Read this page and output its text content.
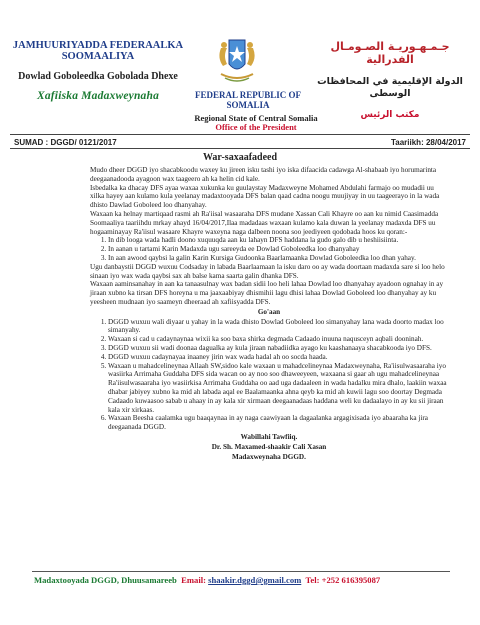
JAMHUURIYADDA FEDERAALKA SOOMAALIYA
Dowlad Goboleedka Gobolada Dhexe
Xafiiska Madaxweynaha	FEDERAL REPUBLIC OF SOMALIA
Regional State of Central Somalia
Office of the President
جـمـهـوريـة الصـومـال الفدرالية
الدولة الإقليمية في المحافظات الوسطى
مكتب الرئيس
SUMAD : DGGD/ 0121/2017	Taariikh: 28/04/2017
War-saxaafadeed

Mudo dheer DGGD iyo shacabkoodu waxey ku jireen isku tashi iyo iska difaacida cadawga Al-shabaab iyo horumarinta deegaanadooda ayagoon wax taageero ah ka helin cid kale.

Isbedalka ka dhacay DFS ayaa waxaa xukunka ku guulaystay Madaxweyne Mohamed Abdulahi farmajo oo mudadii uu xilka hayey aan kulamo kula yeelanay madaxtooyada DFS balan qaad cadna noogu muujiyay in uu taageerayo in la wada dhisto Dawlad Goboleed loo dhanyahay.

Waxaan ka helnay martiqaad rasmi ah Ra'iisal wasaaraha DFS mudane Xassan Cali Khayre oo aan ku nimid Caasimadda Soomaaliya taariihdu mrkay ahayd 16/04/2017,Ilaa madadaas waxaan kulamo kala duwan la yeelanay madaxda DFS uu hogaaminayay Ra'iisul wasaare Khayre waxeyna naga dalbeen noona soo jeediyeen qodobada hoos ku qoran:-

1. In dib looga wada hadli doono xuquuqda aan ku lahayn DFS haddana la gudo galo dib u heshiisiinta.
2. In aanan u tartami Karin Madaxda ugu sareeyda ee Dowlad Goboleedka loo dhanyahay
3. In aan awood qaybsi la galin Karin Kursiga Gudoonka Baarlamaanka Dowlad Goboleedka loo dhan yahay.

Ugu danbaystii DGGD wuxuu Codsaday in labada Baarlaamaan la isku daro oo ay wada doortaan madaxda sare si loo helo sinaan iyo wax wada qaybsi sax ah balse kama saarta galin dhanka DFS.

Waxaan aaminsanahay in aan ka tanaasulnay wax badan sidii loo heli lahaa Dowlad loo dhanyahay ayadoon ognahay in ay jiraan xubno ka tirsan DFS horeyna u ma jaaxaabiyay dhismihii lagu dhisi lahaa Dowlad Goboleed loo dhanyahay ay ku yeesheen mudnaan iyo saameyn dheeraad ah xafiisyadda DFS.

Go'aan
1. DGGD wuxuu wali diyaar u yahay in la wada dhisto Dowlad Goboleed loo simanyahay lana wada doorto madax loo simanyahy.
2. Waxaan si cad u cadaynaynaa wixii ka soo baxa shirka degmada Cadaado inuuna naqusceyn aqbali dooninah.
3. DGGD wuxuu sii wadi doonaa dagualka ay kula jiraan nabadiidka ayago ku kaashanaaya shacabkooda iyo DFS.
4. DGGD wuxuu cadaynayaa inaaney jirin wax wada hadal ah oo socda haada.
5. Waxaan u mahadcelineynaa Allaah SW,sidoo kale waxaan u mahadcelineynaa Madaxweynaha, Ra'iisulwasaaraha iyo wasiirka Arrimaha Guddaha DFS sida wacan oo ay noo soo dhaweeyeen, waxaana si gaar ah ugu mahadcelineynaa Ra'iisulwasaaraha iyo wasiirkisa Arrimaha Guddaha oo aad uga dadaaleen in wada hadalku mira dhalo, laakiin waxaa dhabar jabiyey xubno ka mid ah labada aqal ee Baalamaanka ahna qeyb ka mid ah kuwii lagu soo doortay Degmada Cadaado kuwaasoo sabab u ahaay in ay kala xir xirmaan deegaanadaas haddana weli ku dadaalayo in ay ku sii jiraan kala xir xirkaas.
6. Waxaan Beesha caalamka ugu baaqaynaa in ay naga caawiyaan la dagaalanka argagixisada iyo abaaraha ka jira deegaanada DGGD.
Wabillahi Tawfiiq.
Dr. Sh. Maxamed-shaakir Cali Xasan
Madaxweynaha DGGD.
Madaxtooyada DGGD, Dhuusamareeb Email: shaakir.dggd@gmail.com Tel: +252 616395087
